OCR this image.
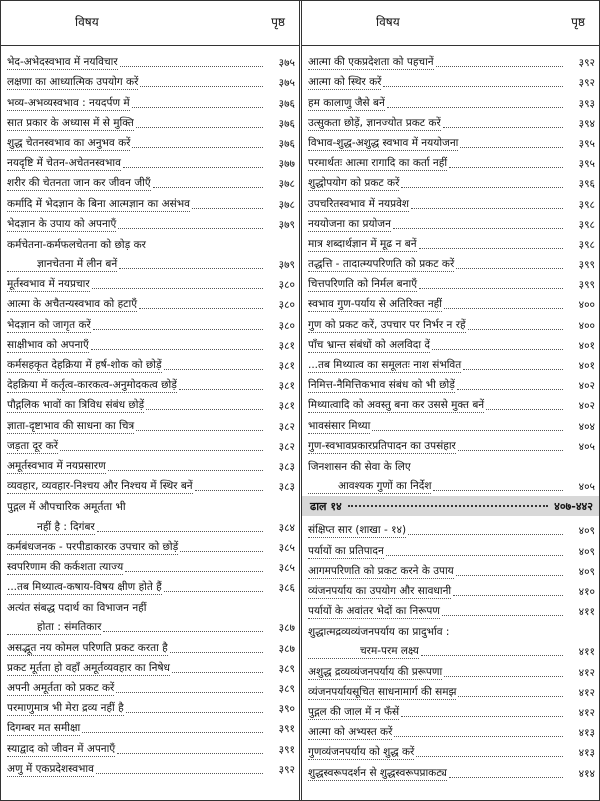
विषय	पृष्ठ
भेद-अभेदस्वभाव में नयविचार	३७५
लक्षणा का आध्यात्मिक उपयोग करें	३७५
भव्य-अभव्यस्वभाव : नयदर्पण में	३७६
सात प्रकार के अध्यास में से मुक्ति	३७६
शुद्ध चेतनस्वभाव का अनुभव करें	३७६
नयदृष्टि में चेतन-अचेतनस्वभाव	३७७
शरीर की चेतनता जान कर जीवन जीएँ	३७८
कर्मादि में भेदज्ञान के बिना आत्मज्ञान का असंभव	३७८
भेदज्ञान के उपाय को अपनाएँ	३७९
कर्मचेतना-कर्मफलचेतना को छोड़ कर
ज्ञानचेतना में लीन बनें	३७९
मूर्तस्वभाव में नयप्रचार	३८०
आत्मा के अचैतन्यस्वभाव को हटाएँ	३८०
भेदज्ञान को जागृत करें	३८०
साक्षीभाव को अपनाएँ	३८१
कर्मसहकृत देहक्रिया में हर्ष-शोक को छोड़ें	३८१
देहक्रिया में कर्तृत्व-कारकत्व-अनुमोदकत्व छोड़ें	३८१
पौद्गलिक भावों का त्रिविध संबंध छोड़ें	३८१
ज्ञाता-दृष्टाभाव की साधना का चित्र	३८२
जड़ता दूर करें	३८२
अमूर्तस्वभाव में नयप्रसारण	३८३
व्यवहार, व्यवहार-निश्चय और निश्चय में स्थिर बनें	३८३
पुद्गल में औपचारिक अमूर्तता भी
नहीं है : दिगंबर	३८४
कर्मबंधजनक - परपीडाकारक उपचार को छोड़ें	३८५
स्वपरिणाम की कर्कशता त्याज्य	३८५
...तब मिथ्यात्व-कषाय-विषय क्षीण होते हैं	३८६
अत्यंत संबद्ध पदार्थ का विभाजन नहीं
होता : संमतिकार	३८७
असद्भूत नय कोमल परिणति प्रकट करता है	३८७
प्रकट मूर्तता हो वहाँ अमूर्तव्यवहार का निषेध	३८९
अपनी अमूर्तता को प्रकट करें	३८९
परमाणुमात्र भी मेरा द्रव्य नहीं है	३९०
दिगम्बर मत समीक्षा	३९१
स्याद्वाद को जीवन में अपनाएँ	३९१
अणु में एकप्रदेशस्वभाव	३९२
विषय	पृष्ठ
आत्मा की एकप्रदेशता को पहचानें	३९२
आत्मा को स्थिर करें	३९२
हम कालाणु जैसे बनें	३९३
उत्सुकता छोड़ें, ज्ञानज्योत प्रकट करें	३९४
विभाव-शुद्ध-अशुद्ध स्वभाव में नययोजना	३९५
परमार्थतः आत्मा रागादि का कर्ता नहीं	३९५
शुद्धोपयोग को प्रकट करें	३९६
उपचरितस्वभाव में नयप्रवेश	३९८
नययोजना का प्रयोजन	३९८
मात्र शब्दार्थज्ञान में मूढ न बनें	३९८
तद्धत्ति - तादात्म्यपरिणति को प्रकट करें	३९९
चित्तपरिणति को निर्मल बनाएँ	३९९
स्वभाव गुण-पर्याय से अतिरिक्त नहीं	४००
गुण को प्रकट करें, उपचार पर निर्भर न रहें	४००
पाँच भ्रान्त संबंधों को अलविदा दें	४०१
...तब मिथ्यात्व का समूलतः नाश संभवित	४०१
निमित्त-नैमित्तिकभाव संबंध को भी छोड़ें	४०२
मिथ्यात्वादि को अवस्तु बना कर उससे मुक्त बनें	४०२
भावसंसार मिथ्या	४०४
गुण-स्वभावप्रकारप्रतिपादन का उपसंहार	४०५
जिनशासन की सेवा के लिए
आवश्यक गुणों का निर्देश	४०५
ढाल १४	४०७-४४२
संक्षिप्त सार (शाखा - १४)	४०९
पर्यायों का प्रतिपादन	४०९
आगमपरिणति को प्रकट करने के उपाय	४०९
व्यंजनपर्याय का उपयोग और सावधानी	४१०
पर्यायों के अवांतर भेदों का निरूपण	४११
शुद्धात्मद्रव्यव्यंजनपर्याय का प्रादुर्भाव :
चरम-परम लक्ष्य	४११
अशुद्ध द्रव्यव्यंजनपर्याय की प्ररूपणा	४१२
व्यंजनपर्यायसूचित साधनामार्ग की समझ	४१२
पुद्गल की जाल में न फँसें	४१२
आत्मा को अभ्यस्त करें	४१३
गुणव्यंजनपर्याय को शुद्ध करें	४१३
शुद्धस्वरूपदर्शन से शुद्धस्वरूपप्राकट्य	४१४
